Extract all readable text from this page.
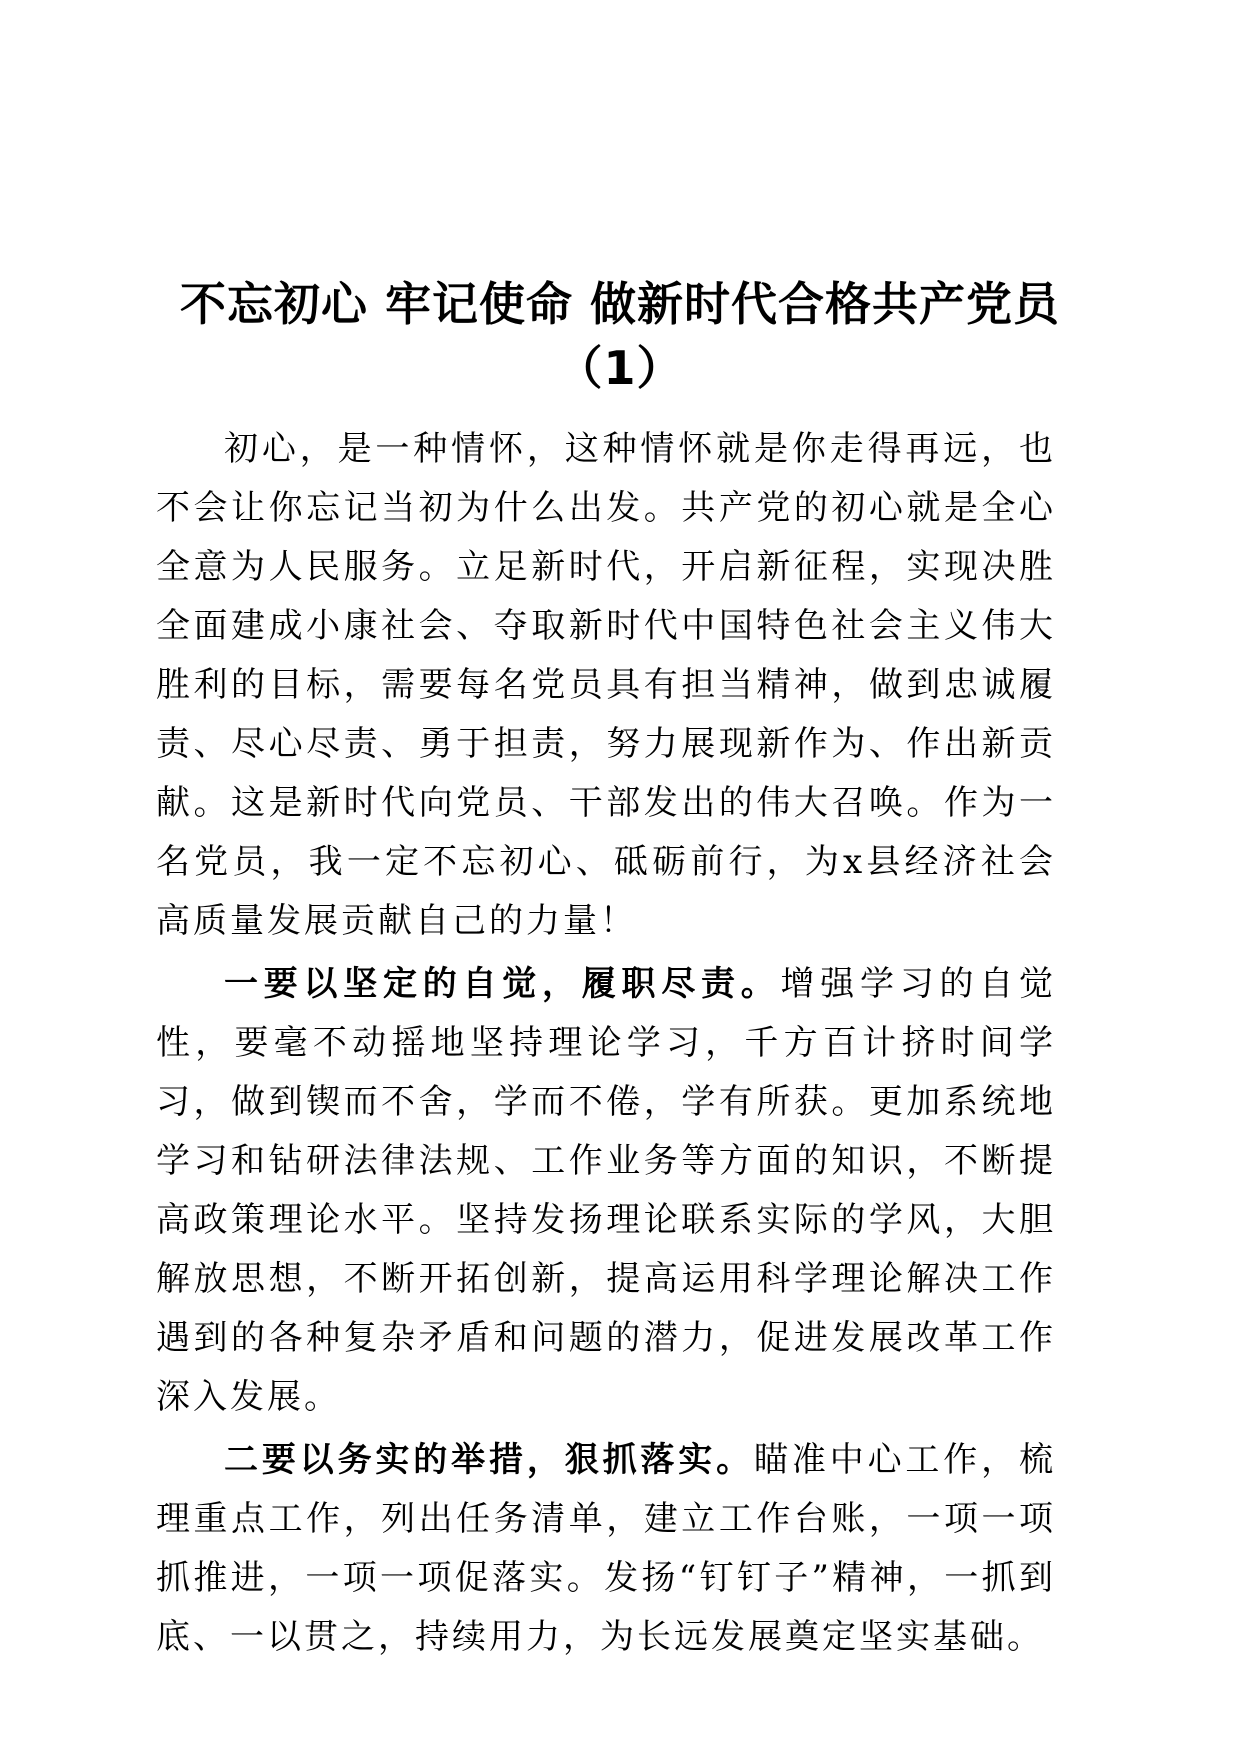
不忘初心 牢记使命 做新时代合格共产党员
（1）

初心，是一种情怀，这种情怀就是你走得再远，也不会让你忘记当初为什么出发。共产党的初心就是全心全意为人民服务。立足新时代，开启新征程，实现决胜全面建成小康社会、夺取新时代中国特色社会主义伟大胜利的目标，需要每名党员具有担当精神，做到忠诚履责、尽心尽责、勇于担责，努力展现新作为、作出新贡献。这是新时代向党员、干部发出的伟大召唤。作为一名党员，我一定不忘初心、砥砺前行，为x县经济社会高质量发展贡献自己的力量！

一要以坚定的自觉，履职尽责。增强学习的自觉性，要毫不动摇地坚持理论学习，千方百计挤时间学习，做到锲而不舍，学而不倦，学有所获。更加系统地学习和钻研法律法规、工作业务等方面的知识，不断提高政策理论水平。坚持发扬理论联系实际的学风，大胆解放思想，不断开拓创新，提高运用科学理论解决工作遇到的各种复杂矛盾和问题的潜力，促进发展改革工作深入发展。

二要以务实的举措，狠抓落实。瞄准中心工作，梳理重点工作，列出任务清单，建立工作台账，一项一项抓推进，一项一项促落实。发扬“钉钉子”精神，一抓到底、一以贯之，持续用力，为长远发展奠定坚实基础。
